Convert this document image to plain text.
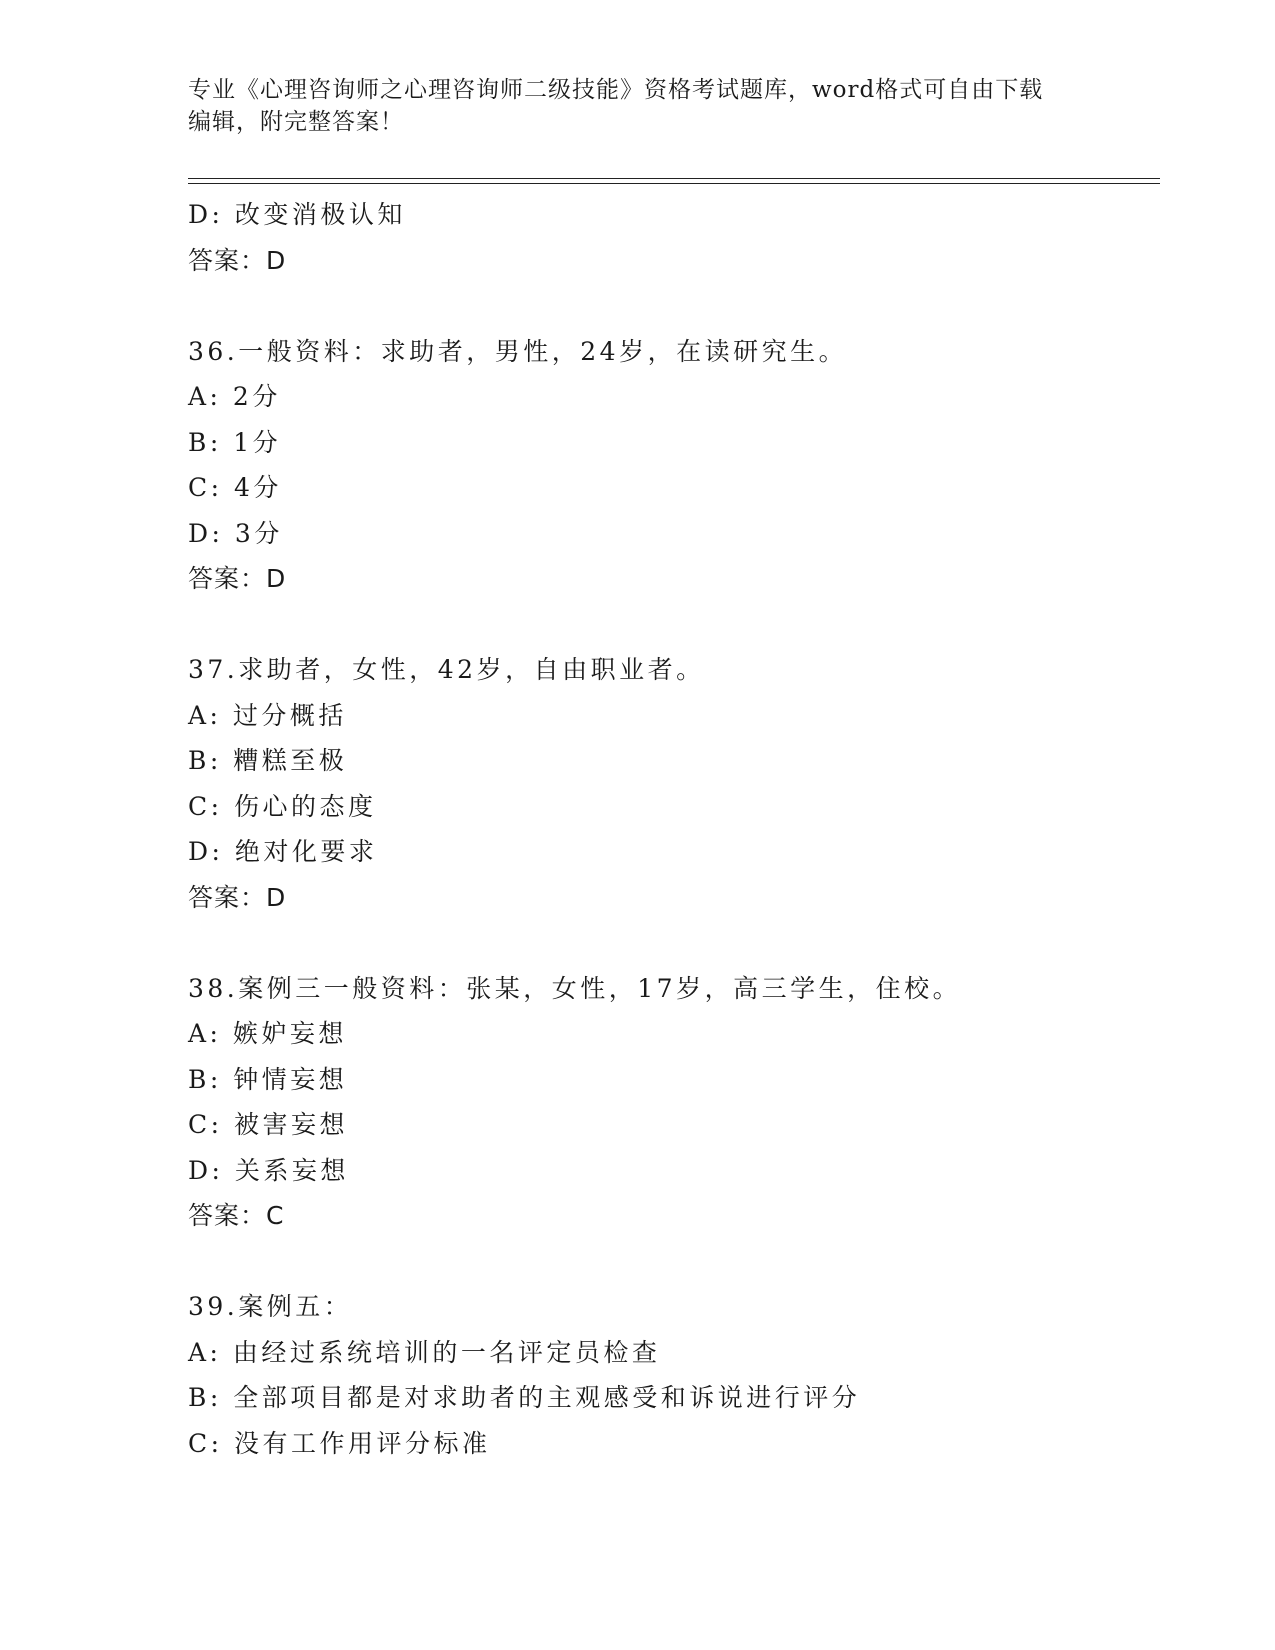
专业《心理咨询师之心理咨询师二级技能》资格考试题库，word格式可自由下载
编辑，附完整答案！
D: 改变消极认知
答案：D
36.一般资料：求助者，男性，24岁，在读研究生。
A: 2分
B: 1分
C: 4分
D: 3分
答案：D
37.求助者，女性，42岁，自由职业者。
A: 过分概括
B: 糟糕至极
C: 伤心的态度
D: 绝对化要求
答案：D
38.案例三一般资料：张某，女性，17岁，高三学生，住校。
A: 嫉妒妄想
B: 钟情妄想
C: 被害妄想
D: 关系妄想
答案：C
39.案例五：
A: 由经过系统培训的一名评定员检查
B: 全部项目都是对求助者的主观感受和诉说进行评分
C: 没有工作用评分标准
